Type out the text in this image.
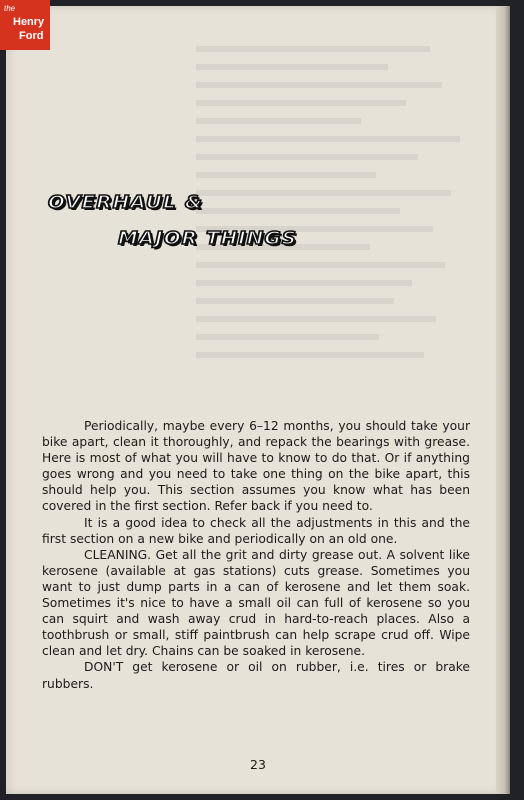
OVERHAUL &
MAJOR THINGS

Periodically, maybe every 6–12 months, you should take your bike apart, clean it thoroughly, and repack the bearings with grease. Here is most of what you will have to know to do that. Or if anything goes wrong and you need to take one thing on the bike apart, this should help you. This section assumes you know what has been covered in the first section. Refer back if you need to.

It is a good idea to check all the adjustments in this and the first section on a new bike and periodically on an old one.

CLEANING. Get all the grit and dirty grease out. A solvent like kerosene (available at gas stations) cuts grease. Sometimes you want to just dump parts in a can of kerosene and let them soak. Sometimes it's nice to have a small oil can full of kerosene so you can squirt and wash away crud in hard-to-reach places. Also a toothbrush or small, stiff paintbrush can help scrape crud off. Wipe clean and let dry. Chains can be soaked in kerosene.

DON'T get kerosene or oil on rubber, i.e. tires or brake rubbers.

23
the
Henry
Ford
